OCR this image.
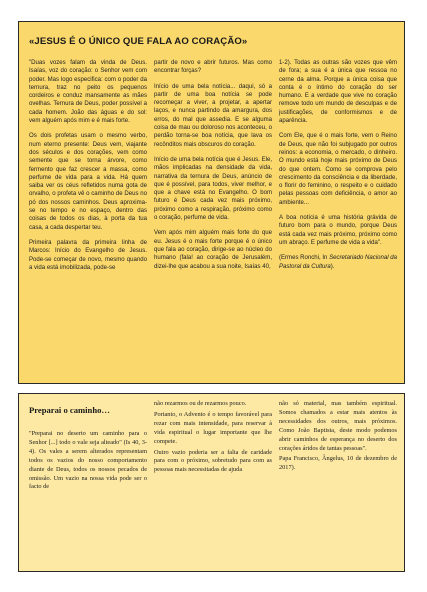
«JESUS É O ÚNICO QUE FALA AO CORAÇÃO»

"Duas vozes falam da vinda de Deus. Isaías, voz do coração: o Senhor vem com poder. Mas logo especifica: com o poder da ternura, traz no peito os pequenos cordeiros e conduz mansamente as mães ovelhas. Ternura de Deus, poder possível a cada homem. João das águas e do sol: vem alguém após mim e é mais forte.

Os dois profetas usam o mesmo verbo, num eterno presente: Deus vem, viajante dos séculos e dos corações, vem como semente que se torna árvore, como fermento que faz crescer a massa, como perfume de vida para a vida. Há quem saiba ver os céus refletidos numa gota de orvalho, o profeta vê o caminho de Deus no pó dos nossos caminhos. Deus aproxima-se no tempo e no espaço, dentro das coisas de todos os dias, à porta da tua casa, a cada despertar teu.

Primeira palavra da primeira linha de Marcos: Início do Evangelho de Jesus. Pode-se começar de novo, mesmo quando a vida está imobilizada, pode-se

partir de novo e abrir futuros. Mas como encontrar forças?

Início de uma bela notícia... daqui, só a partir de uma boa notícia se pode recomeçar a viver, a projetar, a apertar laços, e nunca partindo da amargura, dos erros, do mal que assedia. E se alguma coisa de mau ou doloroso nos aconteceu, o perdão torna-se boa notícia, que lava os recônditos mais obscuros do coração.

Início de uma bela notícia que é Jesus. Ele, mãos implicadas na densidade da vida, narrativa da ternura de Deus, anúncio de que é possível, para todos, viver melhor, e que a chave está no Evangelho. O bom futuro é Deus cada vez mais próximo, próximo como a respiração, próximo como o coração, perfume de vida.

Vem após mim alguém mais forte do que eu. Jesus é o mais forte porque é o único que fala ao coração, dirige-se ao núcleo do humano (fala! ao coração de Jerusalém, dizei-lhe que acabou a sua noite, Isaías 40,

1-2). Todas as outras são vozes que vêm de fora; a sua é a única que ressoa no cerne da alma. Porque a única coisa que conta é o íntimo do coração do ser humano. E a verdade que vive no coração remove todo um mundo de desculpas e de justificações, de conformismos e de aparência.

Com Ele, que é o mais forte, vem o Reino de Deus, que não foi subjugado por outros reinos: a economia, o mercado, o dinheiro. O mundo está hoje mais próximo de Deus do que ontem. Como se comprova pelo crescimento da consciência e da liberdade, o florir do feminino, o respeito e o cuidado pelas pessoas com deficiência, o amor ao ambiente...

A boa notícia é uma história grávida de futuro bom para o mundo, porque Deus está cada vez mais próximo, próximo como um abraço. E perfume de vida a vida".

(Ermes Ronchi, In Secretariado Nacional da Pastoral da Cultura).

Preparai o caminho…

"Preparai no deserto um caminho para o Senhor [...] todo o vale seja alteado" (Is 40, 3-4). Os vales a serem alterados representam todos os vazios do nosso comportamento diante de Deus, todos os nossos pecados de omissão. Um vazio na nossa vida pode ser o facto de

não rezarmos ou de rezarmos pouco.

Portanto, o Advento é o tempo favorável para rezar com mais intensidade, para reservar à vida espiritual o lugar importante que lhe compete.

Outro vazio poderia ser a falta de caridade para com o próximo, sobretudo para com as pessoas mais necessitadas de ajuda

não só material, mas também espiritual. Somos chamados a estar mais atentos às necessidades dos outros, mais próximos. Como João Baptista, deste modo podemos abrir caminhos de esperança no deserto dos corações áridos de tantas pessoas".

Papa Francisco, Ângelus, 10 de dezembro de 2017).
